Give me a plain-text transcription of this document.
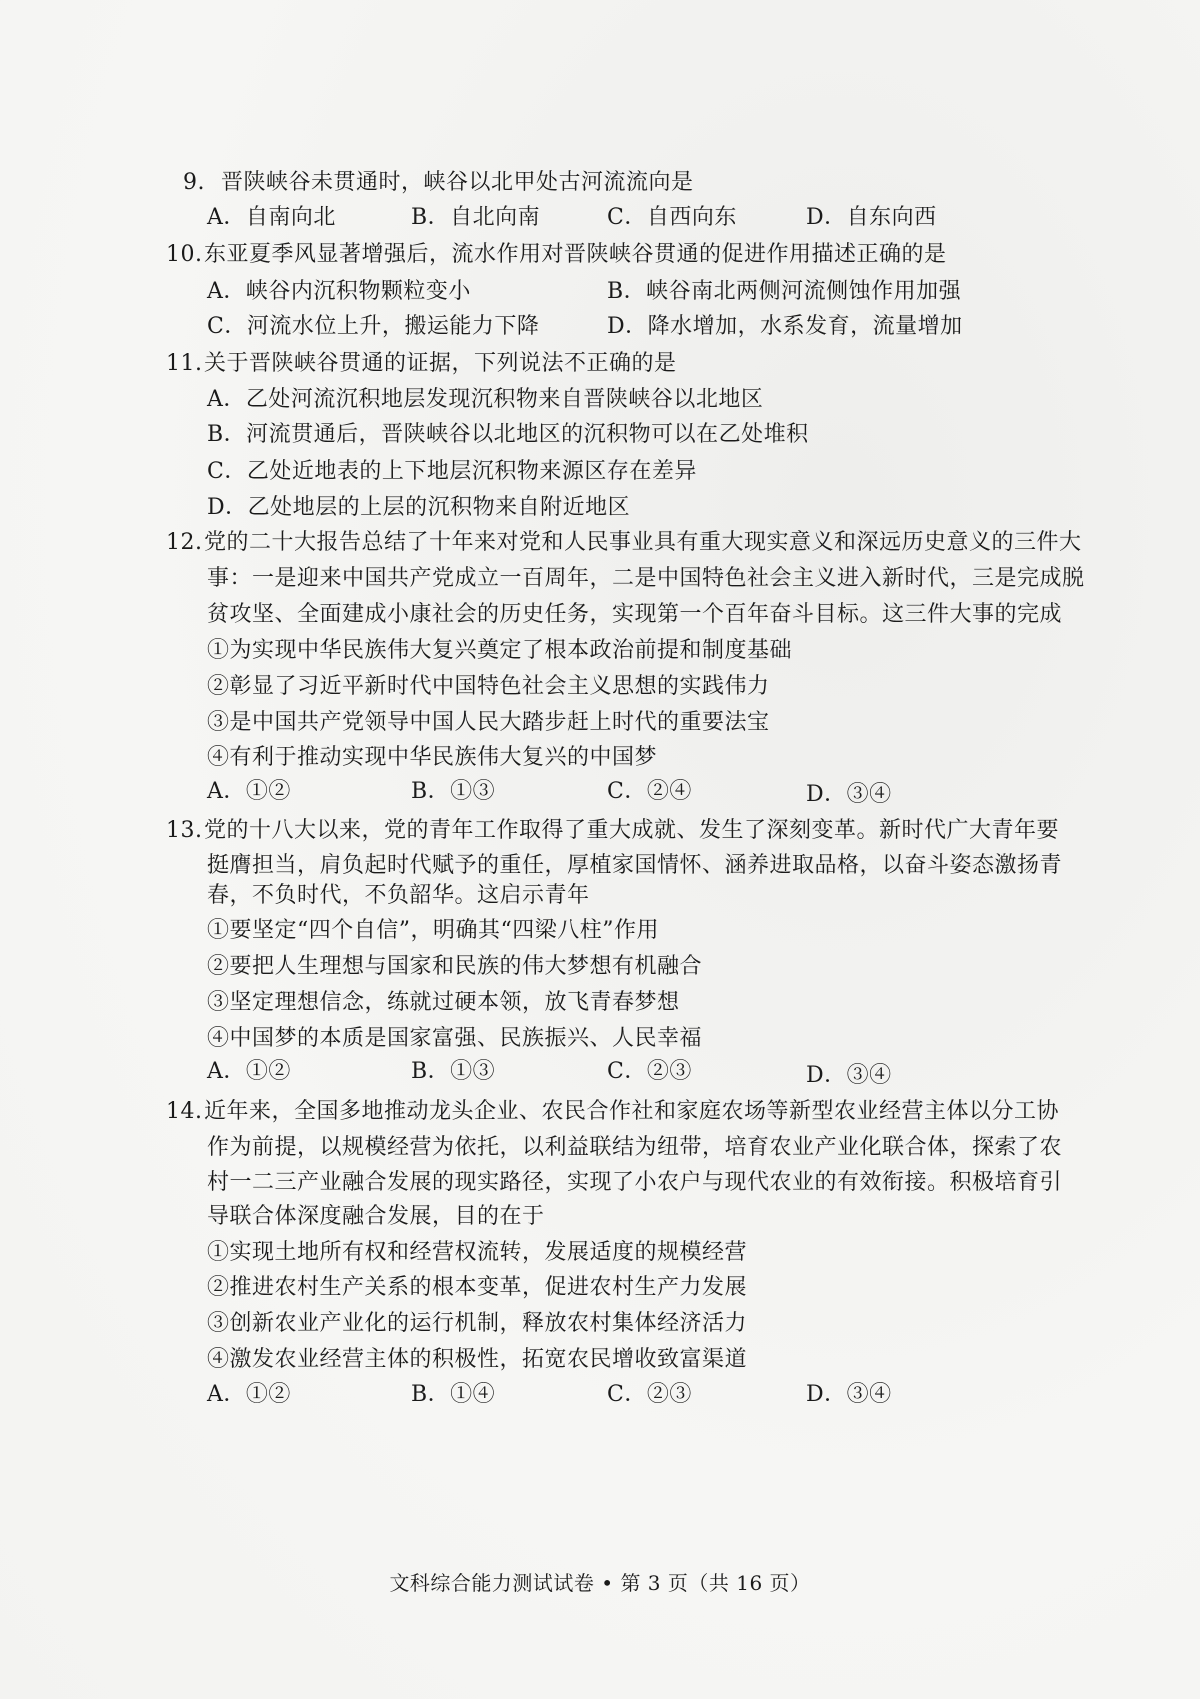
9. 晋陕峡谷未贯通时，峡谷以北甲处古河流流向是
A．自南向北	B．自北向南	C．自西向东	D．自东向西
10.东亚夏季风显著增强后，流水作用对晋陕峡谷贯通的促进作用描述正确的是
A．峡谷内沉积物颗粒变小	B．峡谷南北两侧河流侧蚀作用加强
C．河流水位上升，搬运能力下降	D．降水增加，水系发育，流量增加
11.关于晋陕峡谷贯通的证据，下列说法不正确的是
A．乙处河流沉积地层发现沉积物来自晋陕峡谷以北地区
B．河流贯通后，晋陕峡谷以北地区的沉积物可以在乙处堆积
C．乙处近地表的上下地层沉积物来源区存在差异
D．乙处地层的上层的沉积物来自附近地区
12.党的二十大报告总结了十年来对党和人民事业具有重大现实意义和深远历史意义的三件大
事：一是迎来中国共产党成立一百周年，二是中国特色社会主义进入新时代，三是完成脱
贫攻坚、全面建成小康社会的历史任务，实现第一个百年奋斗目标。这三件大事的完成
①为实现中华民族伟大复兴奠定了根本政治前提和制度基础
②彰显了习近平新时代中国特色社会主义思想的实践伟力
③是中国共产党领导中国人民大踏步赶上时代的重要法宝
④有利于推动实现中华民族伟大复兴的中国梦
A．①②	B．①③	C．②④	D．③④
13.党的十八大以来，党的青年工作取得了重大成就、发生了深刻变革。新时代广大青年要
挺膺担当，肩负起时代赋予的重任，厚植家国情怀、涵养进取品格，以奋斗姿态激扬青
春，不负时代，不负韶华。这启示青年
①要坚定“四个自信”，明确其“四梁八柱”作用
②要把人生理想与国家和民族的伟大梦想有机融合
③坚定理想信念，练就过硬本领，放飞青春梦想
④中国梦的本质是国家富强、民族振兴、人民幸福
A．①②	B．①③	C．②③	D．③④
14.近年来，全国多地推动龙头企业、农民合作社和家庭农场等新型农业经营主体以分工协
作为前提，以规模经营为依托，以利益联结为纽带，培育农业产业化联合体，探索了农
村一二三产业融合发展的现实路径，实现了小农户与现代农业的有效衔接。积极培育引
导联合体深度融合发展，目的在于
①实现土地所有权和经营权流转，发展适度的规模经营
②推进农村生产关系的根本变革，促进农村生产力发展
③创新农业产业化的运行机制，释放农村集体经济活力
④激发农业经营主体的积极性，拓宽农民增收致富渠道
A．①②	B．①④	C．②③	D．③④
文科综合能力测试试卷 • 第 3 页（共 16 页）
